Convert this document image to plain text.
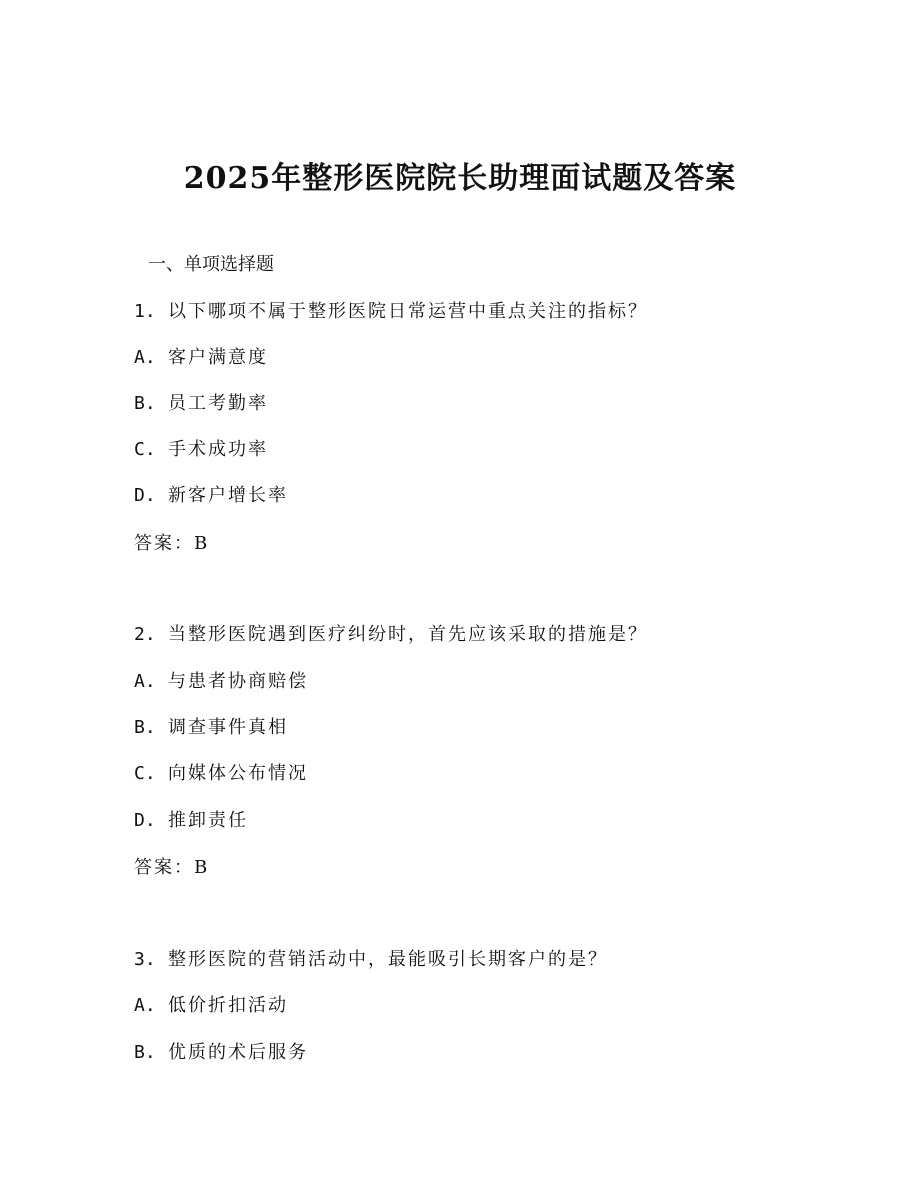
2025年整形医院院长助理面试题及答案
一、单项选择题
1. 以下哪项不属于整形医院日常运营中重点关注的指标？
A. 客户满意度
B. 员工考勤率
C. 手术成功率
D. 新客户增长率
答案：B
2. 当整形医院遇到医疗纠纷时，首先应该采取的措施是？
A. 与患者协商赔偿
B. 调查事件真相
C. 向媒体公布情况
D. 推卸责任
答案：B
3. 整形医院的营销活动中，最能吸引长期客户的是？
A. 低价折扣活动
B. 优质的术后服务
